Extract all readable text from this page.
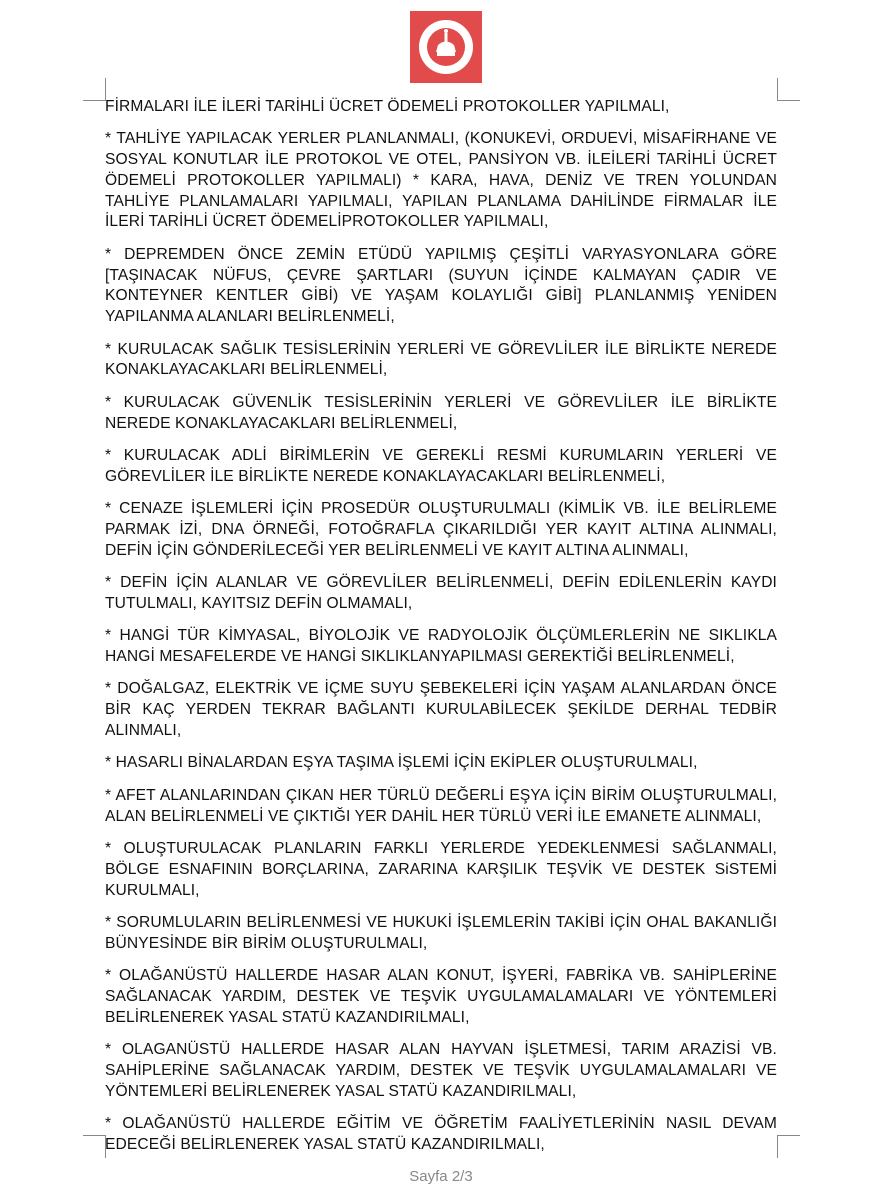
FİRMALARI İLE İLERİ TARİHLİ ÜCRET ÖDEMELİ PROTOKOLLER YAPILMALI,

* TAHLİYE YAPILACAK YERLER PLANLANMALI, (KONUKEVİ, ORDUEVİ, MİSAFİRHANE VE SOSYAL KONUTLAR İLE PROTOKOL VE OTEL, PANSİYON VB. İLEİLERİ TARİHLİ ÜCRET ÖDEMELİ PROTOKOLLER YAPILMALI) * KARA, HAVA, DENİZ VE TREN YOLUNDAN TAHLİYE PLANLAMALARI YAPILMALI, YAPILAN PLANLAMA DAHİLİNDE FİRMALAR İLE İLERİ TARİHLİ ÜCRET ÖDEMELİPROTOKOLLER YAPILMALI,

* DEPREMDEN ÖNCE ZEMİN ETÜDÜ YAPILMIŞ ÇEŞİTLİ VARYASYONLARA GÖRE [TAŞINACAK NÜFUS, ÇEVRE ŞARTLARI (SUYUN İÇİNDE KALMAYAN ÇADIR VE KONTEYNER KENTLER GİBİ) VE YAŞAM KOLAYLIĞI GİBİ] PLANLANMIŞ YENİDEN YAPILANMA ALANLARI BELİRLENMELİ,

* KURULACAK SAĞLIK TESİSLERİNİN YERLERİ VE GÖREVLİLER İLE BİRLİKTE NEREDE KONAKLAYACAKLARI BELİRLENMELİ,

* KURULACAK GÜVENLİK TESİSLERİNİN YERLERİ VE GÖREVLİLER İLE BİRLİKTE NEREDE KONAKLAYACAKLARI BELİRLENMELİ,

* KURULACAK ADLİ BİRİMLERİN VE GEREKLİ RESMİ KURUMLARIN YERLERİ VE GÖREVLİLER İLE BİRLİKTE NEREDE KONAKLAYACAKLARI BELİRLENMELİ,

* CENAZE İŞLEMLERİ İÇİN PROSEDÜR OLUŞTURULMALI (KİMLİK VB. İLE BELİRLEME PARMAK İZİ, DNA ÖRNEĞİ, FOTOĞRAFLA ÇIKARILDIĞI YER KAYIT ALTINA ALINMALI, DEFİN İÇİN GÖNDERİLECEĞİ YER BELİRLENMELİ VE KAYIT ALTINA ALINMALI,

* DEFİN İÇİN ALANLAR VE GÖREVLİLER BELİRLENMELİ, DEFİN EDİLENLERİN KAYDI TUTULMALI, KAYITSIZ DEFİN OLMAMALI,

* HANGİ TÜR KİMYASAL, BİYOLOJİK VE RADYOLOJİK ÖLÇÜMLERLERİN NE SIKLIKLA HANGİ MESAFELERDE VE HANGİ SIKLIKLANYAPILMASI GEREKTİĞİ BELİRLENMELİ,

* DOĞALGAZ, ELEKTRİK VE İÇME SUYU ŞEBEKELERİ İÇİN YAŞAM ALANLARDAN ÖNCE BİR KAÇ YERDEN TEKRAR BAĞLANTI KURULABİLECEK ŞEKİLDE DERHAL TEDBİR ALINMALI,

* HASARLI BİNALARDAN EŞYA TAŞIMA İŞLEMİ İÇİN EKİPLER OLUŞTURULMALI,

* AFET ALANLARINDAN ÇIKAN HER TÜRLÜ DEĞERLİ EŞYA İÇİN BİRİM OLUŞTURULMALI, ALAN BELİRLENMELİ VE ÇIKTIĞI YER DAHİL HER TÜRLÜ VERİ İLE EMANETE ALINMALI,

* OLUŞTURULACAK PLANLARIN FARKLI YERLERDE YEDEKLENMESİ SAĞLANMALI, BÖLGE ESNAFININ BORÇLARINA, ZARARINA KARŞILIK TEŞVİK VE DESTEK SiSTEMİ KURULMALI,

* SORUMLULARIN BELİRLENMESİ VE HUKUKİ İŞLEMLERİN TAKİBİ İÇİN OHAL BAKANLIĞI BÜNYESİNDE BİR BİRİM OLUŞTURULMALI,

* OLAĞANÜSTÜ HALLERDE HASAR ALAN KONUT, İŞYERİ, FABRİKA VB. SAHİPLERİNE SAĞLANACAK YARDIM, DESTEK VE TEŞVİK UYGULAMALAMALARI VE YÖNTEMLERİ BELİRLENEREK YASAL STATÜ KAZANDIRILMALI,

* OLAGANÜSTÜ HALLERDE HASAR ALAN HAYVAN İŞLETMESİ, TARIM ARAZİSİ VB. SAHİPLERİNE SAĞLANACAK YARDIM, DESTEK VE TEŞVİK UYGULAMALAMALARI VE YÖNTEMLERİ BELİRLENEREK YASAL STATÜ KAZANDIRILMALI,

* OLAĞANÜSTÜ HALLERDE EĞİTİM VE ÖĞRETİM FAALİYETLERİNİN NASIL DEVAM EDECEĞİ BELİRLENEREK YASAL STATÜ KAZANDIRILMALI,

Sayfa 2/3
